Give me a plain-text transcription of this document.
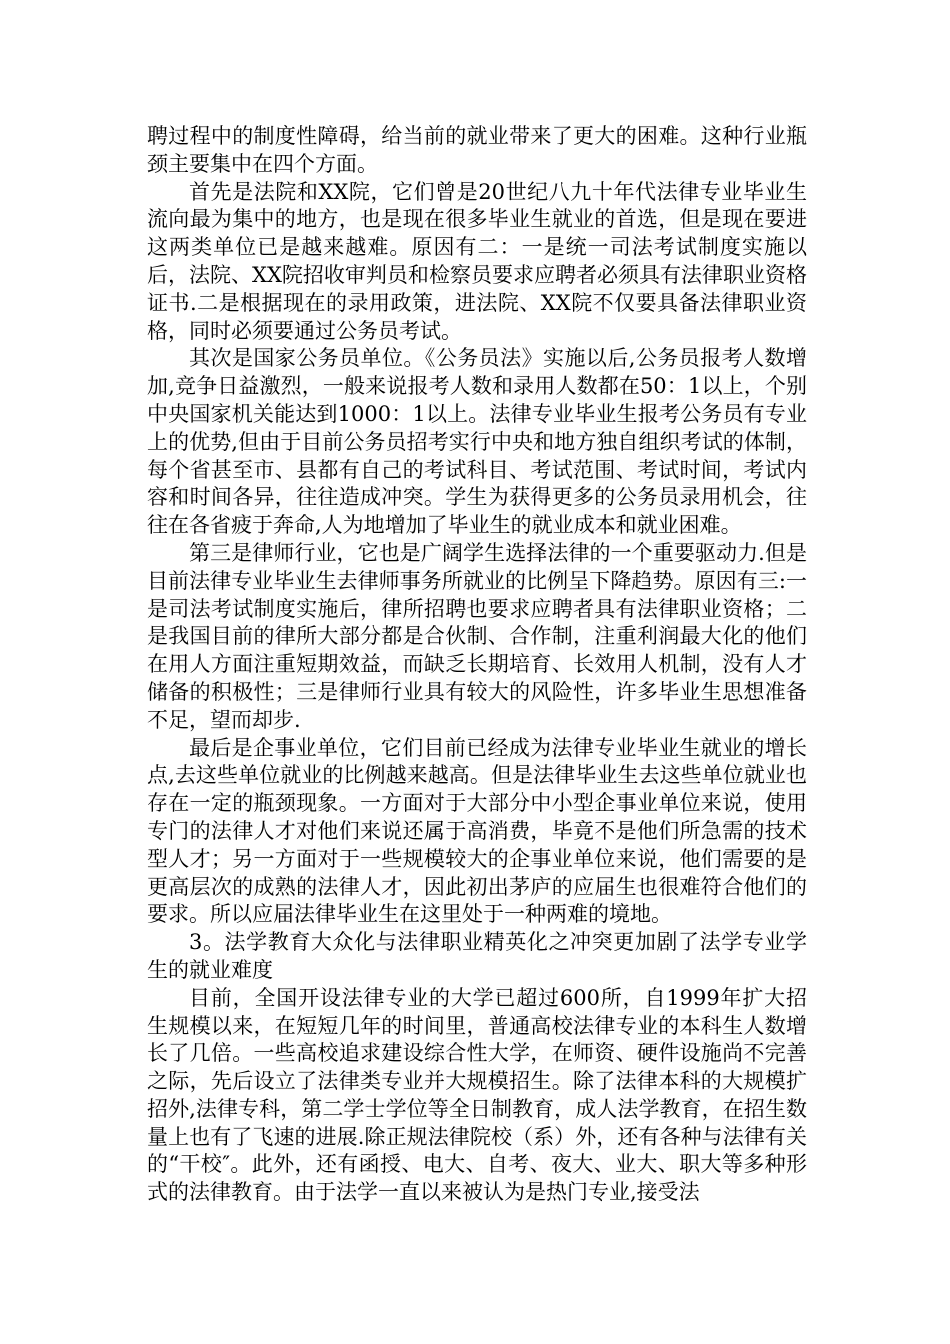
聘过程中的制度性障碍，给当前的就业带来了更大的困难。这种行业瓶颈主要集中在四个方面。

首先是法院和XX院，它们曾是20世纪八九十年代法律专业毕业生流向最为集中的地方，也是现在很多毕业生就业的首选，但是现在要进这两类单位已是越来越难。原因有二：一是统一司法考试制度实施以后，法院、XX院招收审判员和检察员要求应聘者必须具有法律职业资格证书.二是根据现在的录用政策，进法院、XX院不仅要具备法律职业资格，同时必须要通过公务员考试。

其次是国家公务员单位。《公务员法》实施以后,公务员报考人数增加,竞争日益激烈，一般来说报考人数和录用人数都在50：1以上，个别中央国家机关能达到1000：1以上。法律专业毕业生报考公务员有专业上的优势,但由于目前公务员招考实行中央和地方独自组织考试的体制，每个省甚至市、县都有自己的考试科目、考试范围、考试时间，考试内容和时间各异，往往造成冲突。学生为获得更多的公务员录用机会，往往在各省疲于奔命,人为地增加了毕业生的就业成本和就业困难。

第三是律师行业，它也是广阔学生选择法律的一个重要驱动力.但是目前法律专业毕业生去律师事务所就业的比例呈下降趋势。原因有三:一是司法考试制度实施后，律所招聘也要求应聘者具有法律职业资格；二是我国目前的律所大部分都是合伙制、合作制，注重利润最大化的他们在用人方面注重短期效益，而缺乏长期培育、长效用人机制，没有人才储备的积极性；三是律师行业具有较大的风险性，许多毕业生思想准备不足，望而却步.

最后是企事业单位，它们目前已经成为法律专业毕业生就业的增长点,去这些单位就业的比例越来越高。但是法律毕业生去这些单位就业也存在一定的瓶颈现象。一方面对于大部分中小型企事业单位来说，使用专门的法律人才对他们来说还属于高消费，毕竟不是他们所急需的技术型人才；另一方面对于一些规模较大的企事业单位来说，他们需要的是更高层次的成熟的法律人才，因此初出茅庐的应届生也很难符合他们的要求。所以应届法律毕业生在这里处于一种两难的境地。

3。法学教育大众化与法律职业精英化之冲突更加剧了法学专业学生的就业难度

目前，全国开设法律专业的大学已超过600所，自1999年扩大招生规模以来，在短短几年的时间里，普通高校法律专业的本科生人数增长了几倍。一些高校追求建设综合性大学，在师资、硬件设施尚不完善之际，先后设立了法律类专业并大规模招生。除了法律本科的大规模扩招外,法律专科，第二学士学位等全日制教育，成人法学教育，在招生数量上也有了飞速的进展.除正规法律院校（系）外，还有各种与法律有关的“干校″。此外，还有函授、电大、自考、夜大、业大、职大等多种形式的法律教育。由于法学一直以来被认为是热门专业,接受法
